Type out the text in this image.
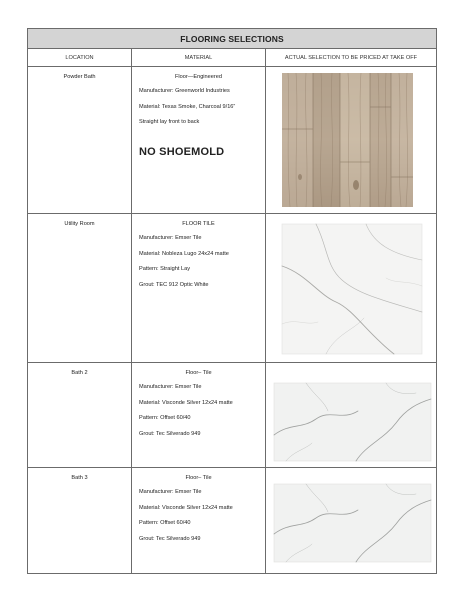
FLOORING SELECTIONS		
LOCATION	MATERIAL	ACTUAL SELECTION TO BE PRICED AT TAKE OFF
Powder Bath	Floor—Engineered
Manufacturer: Greenworld Industries
Material: Texas Smoke, Charcoal 9/16”
Straight lay front to back
NO SHOEMOLD

Utility Room	FLOOR TILE
Manufacturer: Emser Tile
Material: Nobleza Lugo 24x24 matte
Pattern: Straight Lay
Grout: TEC 912 Optic White

Bath 2	Floor– Tile
Manufacturer: Emser Tile
Material: Visconde Silver 12x24 matte
Pattern: Offset 60/40
Grout: Tec Silverado 949

Bath 3	Floor– Tile
Manufacturer: Emser Tile
Material: Visconde Silver 12x24 matte
Pattern: Offset 60/40
Grout: Tec Silverado 949
